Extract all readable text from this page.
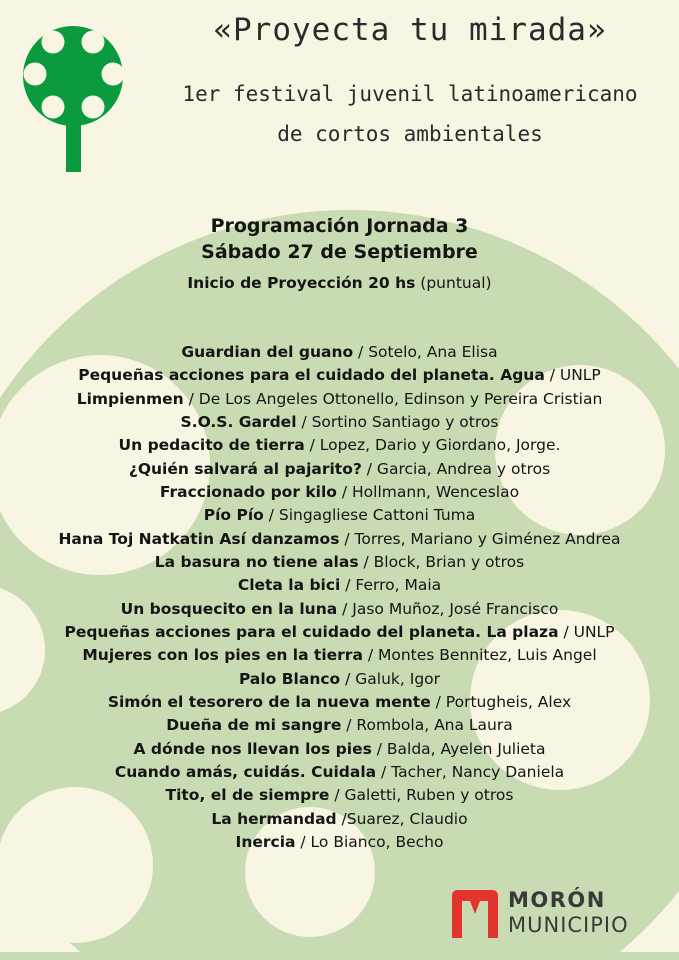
«Proyecta tu mirada»
1er festival juvenil latinoamericano
de cortos ambientales
Programación Jornada 3
Sábado 27 de Septiembre
Inicio de Proyección 20 hs (puntual)
Guardian del guano / Sotelo, Ana Elisa
Pequeñas acciones para el cuidado del planeta. Agua / UNLP
Limpienmen / De Los Angeles Ottonello, Edinson y Pereira Cristian
S.O.S. Gardel / Sortino Santiago y otros
Un pedacito de tierra / Lopez, Dario y Giordano, Jorge.
¿Quién salvará al pajarito? / Garcia, Andrea y otros
Fraccionado por kilo / Hollmann, Wenceslao
Pío Pío / Singagliese Cattoni Tuma
Hana Toj Natkatin Así danzamos / Torres, Mariano y Giménez Andrea
La basura no tiene alas / Block, Brian y otros
Cleta la bici / Ferro, Maia
Un bosquecito en la luna / Jaso Muñoz, José Francisco
Pequeñas acciones para el cuidado del planeta. La plaza / UNLP
Mujeres con los pies en la tierra / Montes Bennitez, Luis Angel
Palo Blanco / Galuk, Igor
Simón el tesorero de la nueva mente / Portugheis, Alex
Dueña de mi sangre / Rombola, Ana Laura
A dónde nos llevan los pies / Balda, Ayelen Julieta
Cuando amás, cuidás. Cuidala / Tacher, Nancy Daniela
Tito, el de siempre / Galetti, Ruben y otros
La hermandad /Suarez, Claudio
Inercia / Lo Bianco, Becho
MORÓN
MUNICIPIO
